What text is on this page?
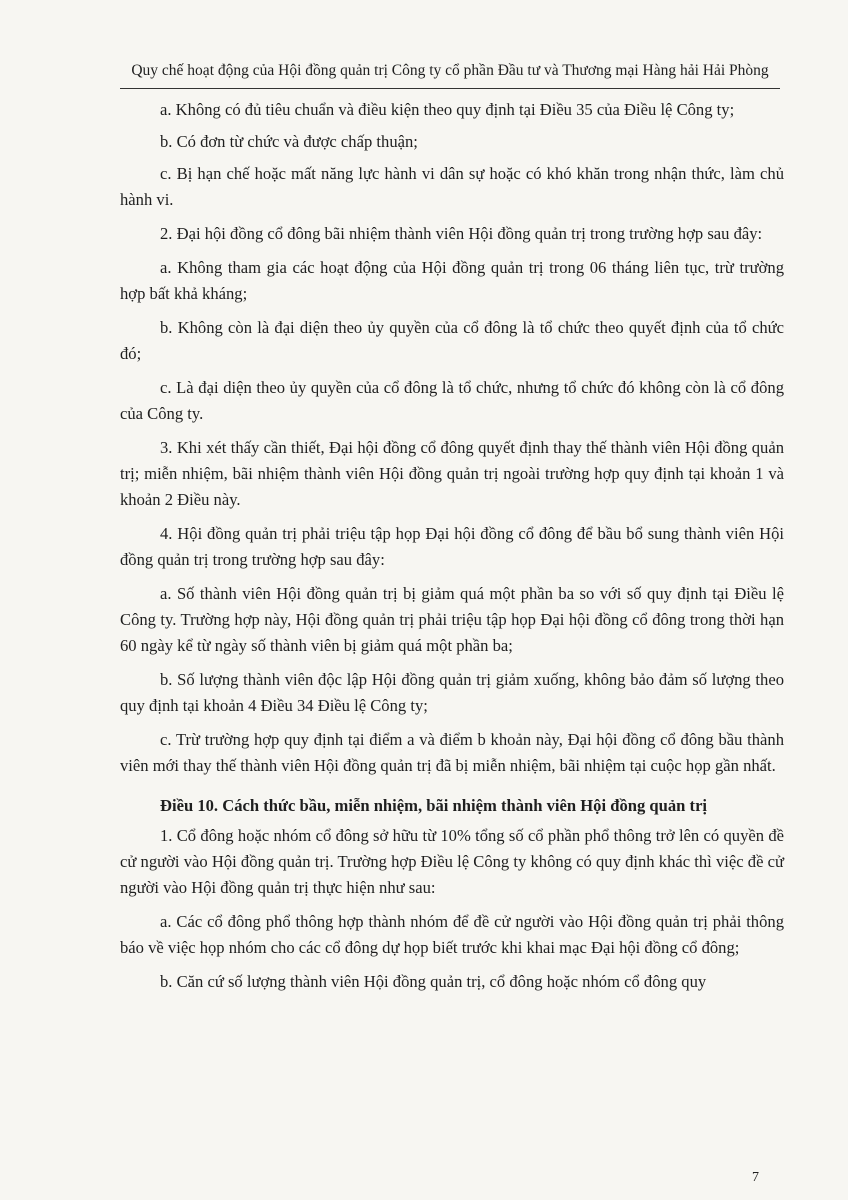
Quy chế hoạt động của Hội đồng quản trị Công ty cổ phần Đầu tư và Thương mại Hàng hải Hải Phòng

a. Không có đủ tiêu chuẩn và điều kiện theo quy định tại Điều 35 của Điều lệ Công ty;

b. Có đơn từ chức và được chấp thuận;

c. Bị hạn chế hoặc mất năng lực hành vi dân sự hoặc có khó khăn trong nhận thức, làm chủ hành vi.

2. Đại hội đồng cổ đông bãi nhiệm thành viên Hội đồng quản trị trong trường hợp sau đây:

a. Không tham gia các hoạt động của Hội đồng quản trị trong 06 tháng liên tục, trừ trường hợp bất khả kháng;

b. Không còn là đại diện theo ủy quyền của cổ đông là tổ chức theo quyết định của tổ chức đó;

c. Là đại diện theo ủy quyền của cổ đông là tổ chức, nhưng tổ chức đó không còn là cổ đông của Công ty.

3. Khi xét thấy cần thiết, Đại hội đồng cổ đông quyết định thay thế thành viên Hội đồng quản trị; miễn nhiệm, bãi nhiệm thành viên Hội đồng quản trị ngoài trường hợp quy định tại khoản 1 và khoản 2 Điều này.

4. Hội đồng quản trị phải triệu tập họp Đại hội đồng cổ đông để bầu bổ sung thành viên Hội đồng quản trị trong trường hợp sau đây:

a. Số thành viên Hội đồng quản trị bị giảm quá một phần ba so với số quy định tại Điều lệ Công ty. Trường hợp này, Hội đồng quản trị phải triệu tập họp Đại hội đồng cổ đông trong thời hạn 60 ngày kể từ ngày số thành viên bị giảm quá một phần ba;

b. Số lượng thành viên độc lập Hội đồng quản trị giảm xuống, không bảo đảm số lượng theo quy định tại khoản 4 Điều 34 Điều lệ Công ty;

c. Trừ trường hợp quy định tại điểm a và điểm b khoản này, Đại hội đồng cổ đông bầu thành viên mới thay thế thành viên Hội đồng quản trị đã bị miễn nhiệm, bãi nhiệm tại cuộc họp gần nhất.

Điều 10. Cách thức bầu, miễn nhiệm, bãi nhiệm thành viên Hội đồng quản trị

1. Cổ đông hoặc nhóm cổ đông sở hữu từ 10% tổng số cổ phần phổ thông trở lên có quyền đề cử người vào Hội đồng quản trị. Trường hợp Điều lệ Công ty không có quy định khác thì việc đề cử người vào Hội đồng quản trị thực hiện như sau:

a. Các cổ đông phổ thông hợp thành nhóm để đề cử người vào Hội đồng quản trị phải thông báo về việc họp nhóm cho các cổ đông dự họp biết trước khi khai mạc Đại hội đồng cổ đông;

b. Căn cứ số lượng thành viên Hội đồng quản trị, cổ đông hoặc nhóm cổ đông quy

7
